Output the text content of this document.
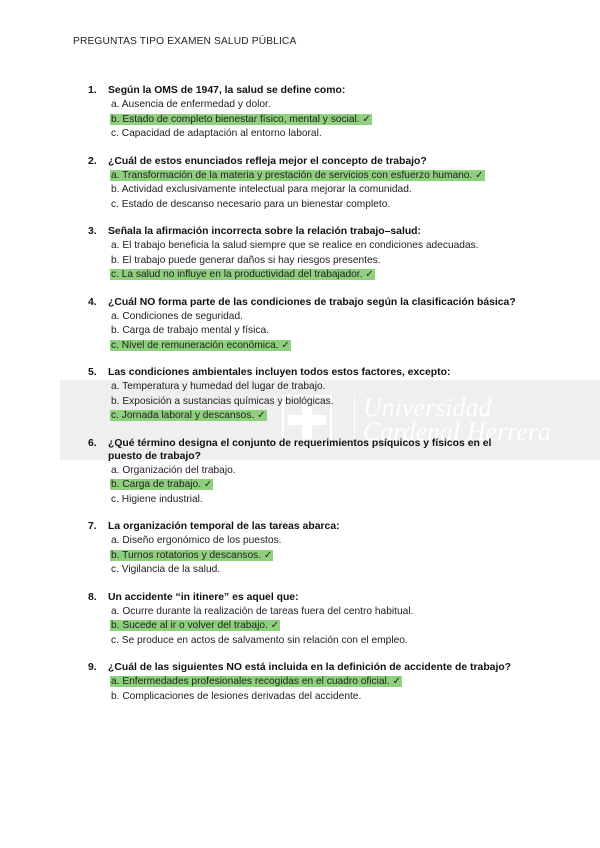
PREGUNTAS TIPO EXAMEN SALUD PÚBLICA
Universidad
Cardenal Herrera
1.	Según la OMS de 1947, la salud se define como:
a. Ausencia de enfermedad y dolor.
b. Estado de completo bienestar físico, mental y social. ✓
c. Capacidad de adaptación al entorno laboral.
2.	¿Cuál de estos enunciados refleja mejor el concepto de trabajo?
a. Transformación de la materia y prestación de servicios con esfuerzo humano. ✓
b. Actividad exclusivamente intelectual para mejorar la comunidad.
c. Estado de descanso necesario para un bienestar completo.
3.	Señala la afirmación incorrecta sobre la relación trabajo–salud:
a. El trabajo beneficia la salud siempre que se realice en condiciones adecuadas.
b. El trabajo puede generar daños si hay riesgos presentes.
c. La salud no influye en la productividad del trabajador. ✓
4.	¿Cuál NO forma parte de las condiciones de trabajo según la clasificación básica?
a. Condiciones de seguridad.
b. Carga de trabajo mental y física.
c. Nivel de remuneración económica. ✓
5.	Las condiciones ambientales incluyen todos estos factores, excepto:
a. Temperatura y humedad del lugar de trabajo.
b. Exposición a sustancias químicas y biológicas.
c. Jornada laboral y descansos. ✓
6.	¿Qué término designa el conjunto de requerimientos psíquicos y físicos en el puesto de trabajo?
a. Organización del trabajo.
b. Carga de trabajo. ✓
c. Higiene industrial.
7.	La organización temporal de las tareas abarca:
a. Diseño ergonómico de los puestos.
b. Turnos rotatorios y descansos. ✓
c. Vigilancia de la salud.
8.	Un accidente “in itinere” es aquel que:
a. Ocurre durante la realización de tareas fuera del centro habitual.
b. Sucede al ir o volver del trabajo. ✓
c. Se produce en actos de salvamento sin relación con el empleo.
9.	¿Cuál de las siguientes NO está incluida en la definición de accidente de trabajo?
a. Enfermedades profesionales recogidas en el cuadro oficial. ✓
b. Complicaciones de lesiones derivadas del accidente.
